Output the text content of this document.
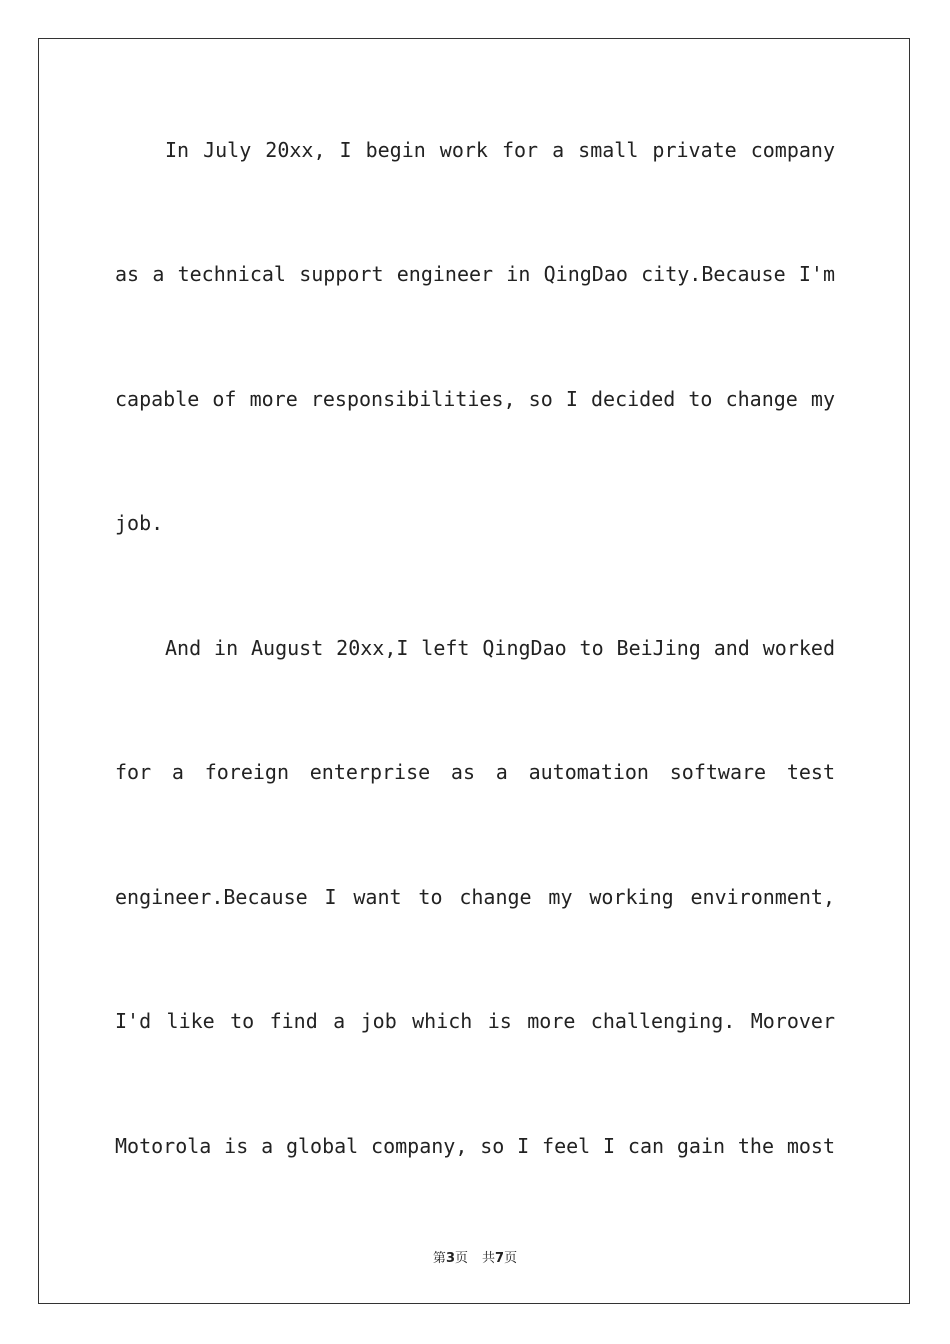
In July 20xx, I begin work for a small private company
as a technical support engineer in QingDao city.Because I'm
capable of more responsibilities, so I decided to change my
job.
And in August 20xx,I left QingDao to BeiJing and worked
for a foreign enterprise as a automation software test
engineer.Because I want to change my working environment,
I'd like to find a job which is more challenging. Morover
Motorola is a global company, so I feel I can gain the most
第3页 共7页
